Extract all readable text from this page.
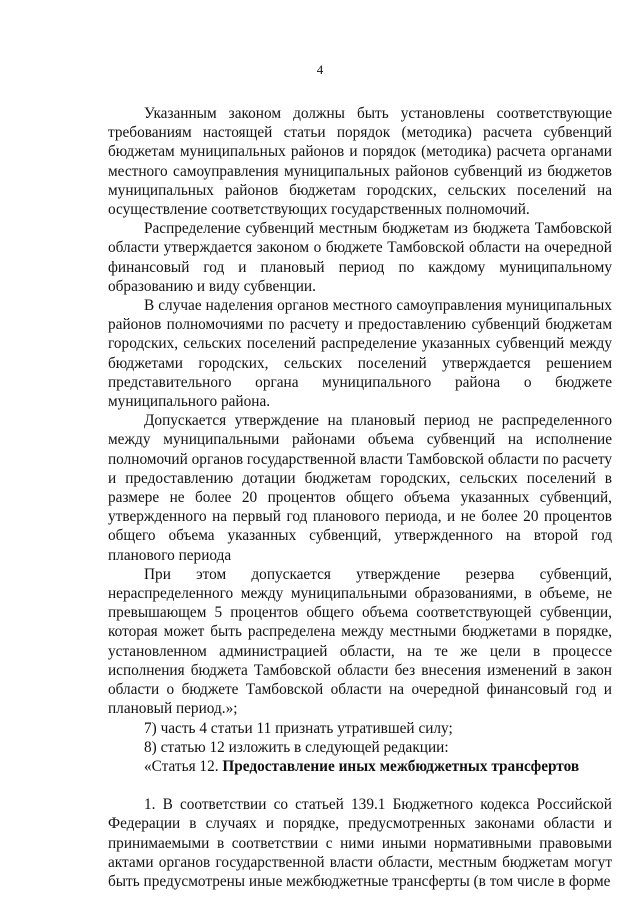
4

Указанным законом должны быть установлены соответствующие требованиям настоящей статьи порядок (методика) расчета субвенций бюджетам муниципальных районов и порядок (методика) расчета органами местного самоуправления муниципальных районов субвенций из бюджетов муниципальных районов бюджетам городских, сельских поселений на осуществление соответствующих государственных полномочий.

Распределение субвенций местным бюджетам из бюджета Тамбовской области утверждается законом о бюджете Тамбовской области на очередной финансовый год и плановый период по каждому муниципальному образованию и виду субвенции.

В случае наделения органов местного самоуправления муниципальных районов полномочиями по расчету и предоставлению субвенций бюджетам городских, сельских поселений распределение указанных субвенций между бюджетами городских, сельских поселений утверждается решением представительного органа муниципального района о бюджете муниципального района.

Допускается утверждение на плановый период не распределенного между муниципальными районами объема субвенций на исполнение полномочий органов государственной власти Тамбовской области по расчету и предоставлению дотации бюджетам городских, сельских поселений в размере не более 20 процентов общего объема указанных субвенций, утвержденного на первый год планового периода, и не более 20 процентов общего объема указанных субвенций, утвержденного на второй год планового периода

При этом допускается утверждение резерва субвенций, нераспределенного между муниципальными образованиями, в объеме, не превышающем 5 процентов общего объема соответствующей субвенции, которая может быть распределена между местными бюджетами в порядке, установленном администрацией области, на те же цели в процессе исполнения бюджета Тамбовской области без внесения изменений в закон области о бюджете Тамбовской области на очередной финансовый год и плановый период.»;

7) часть 4 статьи 11 признать утратившей силу;

8) статью 12 изложить в следующей редакции:

«Статья 12. Предоставление иных межбюджетных трансфертов

1. В соответствии со статьей 139.1 Бюджетного кодекса Российской Федерации в случаях и порядке, предусмотренных законами области и принимаемыми в соответствии с ними иными нормативными правовыми актами органов государственной власти области, местным бюджетам могут быть предусмотрены иные межбюджетные трансферты (в том числе в форме
